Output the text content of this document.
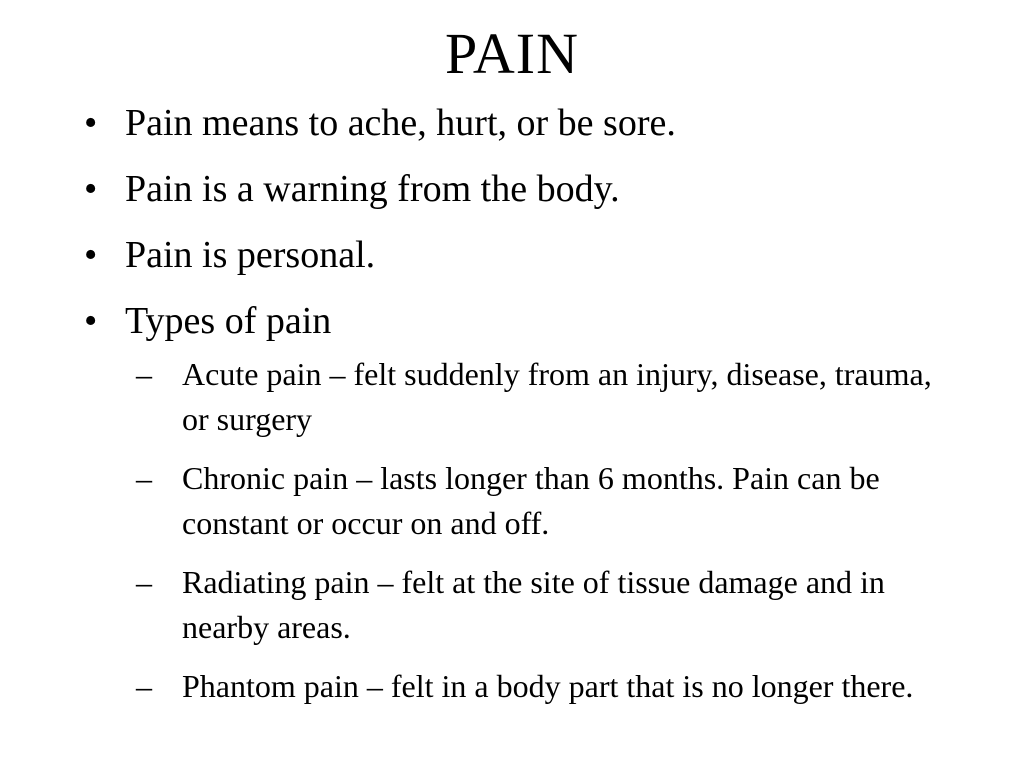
PAIN
• Pain means to ache, hurt, or be sore.
• Pain is a warning from the body.
• Pain is personal.
• Types of pain
– Acute pain – felt suddenly from an injury, disease, trauma, or surgery
– Chronic pain – lasts longer than 6 months. Pain can be constant or occur on and off.
– Radiating pain – felt at the site of tissue damage and in nearby areas.
– Phantom pain – felt in a body part that is no longer there.
